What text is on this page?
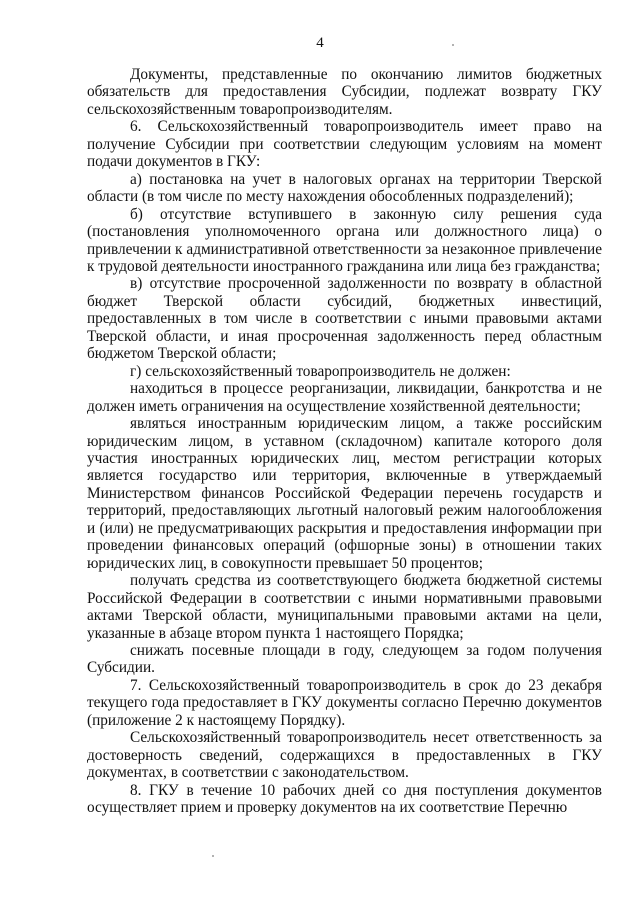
4

Документы, представленные по окончанию лимитов бюджетных обязательств для предоставления Субсидии, подлежат возврату ГКУ сельскохозяйственным товаропроизводителям.

6. Сельскохозяйственный товаропроизводитель имеет право на получение Субсидии при соответствии следующим условиям на момент подачи документов в ГКУ:

а) постановка на учет в налоговых органах на территории Тверской области (в том числе по месту нахождения обособленных подразделений);

б) отсутствие вступившего в законную силу решения суда (постановления уполномоченного органа или должностного лица) о привлечении к административной ответственности за незаконное привлечение к трудовой деятельности иностранного гражданина или лица без гражданства;

в) отсутствие просроченной задолженности по возврату в областной бюджет Тверской области субсидий, бюджетных инвестиций, предоставленных в том числе в соответствии с иными правовыми актами Тверской области, и иная просроченная задолженность перед областным бюджетом Тверской области;

г) сельскохозяйственный товаропроизводитель не должен:

находиться в процессе реорганизации, ликвидации, банкротства и не должен иметь ограничения на осуществление хозяйственной деятельности;

являться иностранным юридическим лицом, а также российским юридическим лицом, в уставном (складочном) капитале которого доля участия иностранных юридических лиц, местом регистрации которых является государство или территория, включенные в утверждаемый Министерством финансов Российской Федерации перечень государств и территорий, предоставляющих льготный налоговый режим налогообложения и (или) не предусматривающих раскрытия и предоставления информации при проведении финансовых операций (офшорные зоны) в отношении таких юридических лиц, в совокупности превышает 50 процентов;

получать средства из соответствующего бюджета бюджетной системы Российской Федерации в соответствии с иными нормативными правовыми актами Тверской области, муниципальными правовыми актами на цели, указанные в абзаце втором пункта 1 настоящего Порядка;

снижать посевные площади в году, следующем за годом получения Субсидии.

7. Сельскохозяйственный товаропроизводитель в срок до 23 декабря текущего года предоставляет в ГКУ документы согласно Перечню документов (приложение 2 к настоящему Порядку).

Сельскохозяйственный товаропроизводитель несет ответственность за достоверность сведений, содержащихся в предоставленных в ГКУ документах, в соответствии с законодательством.

8. ГКУ в течение 10 рабочих дней со дня поступления документов осуществляет прием и проверку документов на их соответствие Перечню
